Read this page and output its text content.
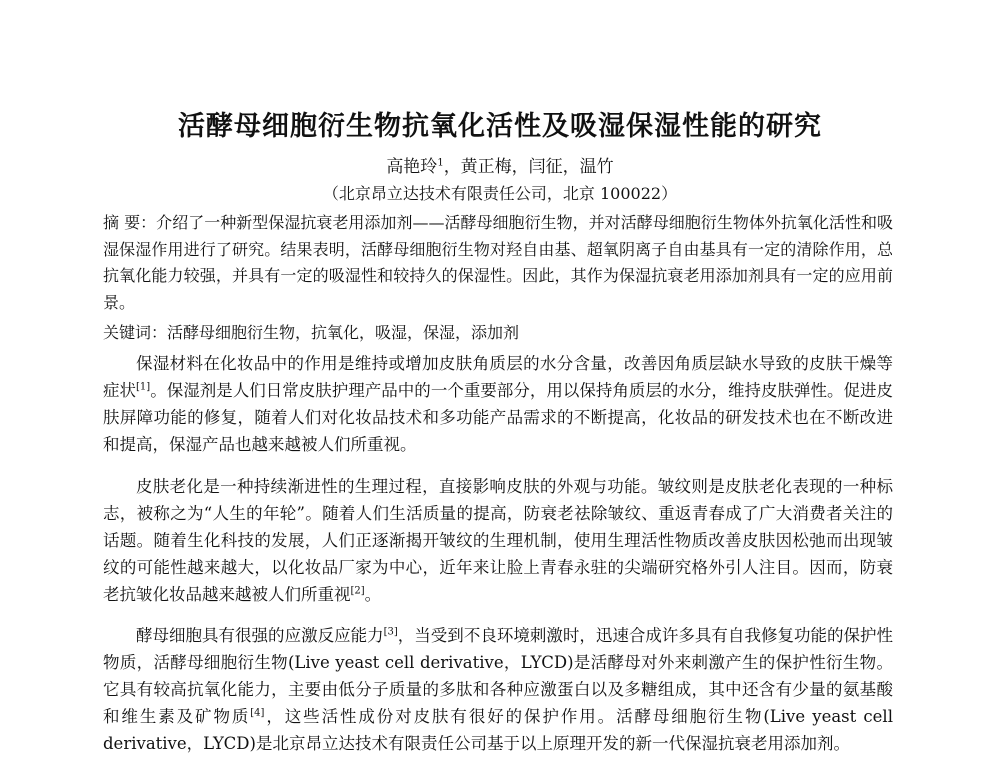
活酵母细胞衍生物抗氧化活性及吸湿保湿性能的研究
高艳玲$^1$，黄正梅，闫征，温竹
（北京昂立达技术有限责任公司，北京 100022）
摘 要：介绍了一种新型保湿抗衰老用添加剂——活酵母细胞衍生物，并对活酵母细胞衍生物体外抗氧化活性和吸湿保湿作用进行了研究。结果表明，活酵母细胞衍生物对羟自由基、超氧阴离子自由基具有一定的清除作用，总抗氧化能力较强，并具有一定的吸湿性和较持久的保湿性。因此，其作为保湿抗衰老用添加剂具有一定的应用前景。
关键词：活酵母细胞衍生物，抗氧化，吸湿，保湿，添加剂
保湿材料在化妆品中的作用是维持或增加皮肤角质层的水分含量，改善因角质层缺水导致的皮肤干燥等症状[1]。保湿剂是人们日常皮肤护理产品中的一个重要部分，用以保持角质层的水分，维持皮肤弹性。促进皮肤屏障功能的修复，随着人们对化妆品技术和多功能产品需求的不断提高，化妆品的研发技术也在不断改进和提高，保湿产品也越来越被人们所重视。
皮肤老化是一种持续渐进性的生理过程，直接影响皮肤的外观与功能。皱纹则是皮肤老化表现的一种标志，被称之为“人生的年轮”。随着人们生活质量的提高，防衰老祛除皱纹、重返青春成了广大消费者关注的话题。随着生化科技的发展，人们正逐渐揭开皱纹的生理机制，使用生理活性物质改善皮肤因松弛而出现皱纹的可能性越来越大，以化妆品厂家为中心，近年来让脸上青春永驻的尖端研究格外引人注目。因而，防衰老抗皱化妆品越来越被人们所重视[2]。
酵母细胞具有很强的应激反应能力[3]，当受到不良环境刺激时，迅速合成许多具有自我修复功能的保护性物质，活酵母细胞衍生物(Live yeast cell derivative，LYCD)是活酵母对外来刺激产生的保护性衍生物。它具有较高抗氧化能力，主要由低分子质量的多肽和各种应激蛋白以及多糖组成，其中还含有少量的氨基酸和维生素及矿物质[4]，这些活性成份对皮肤有很好的保护作用。活酵母细胞衍生物(Live yeast cell derivative，LYCD)是北京昂立达技术有限责任公司基于以上原理开发的新一代保湿抗衰老用添加剂。
